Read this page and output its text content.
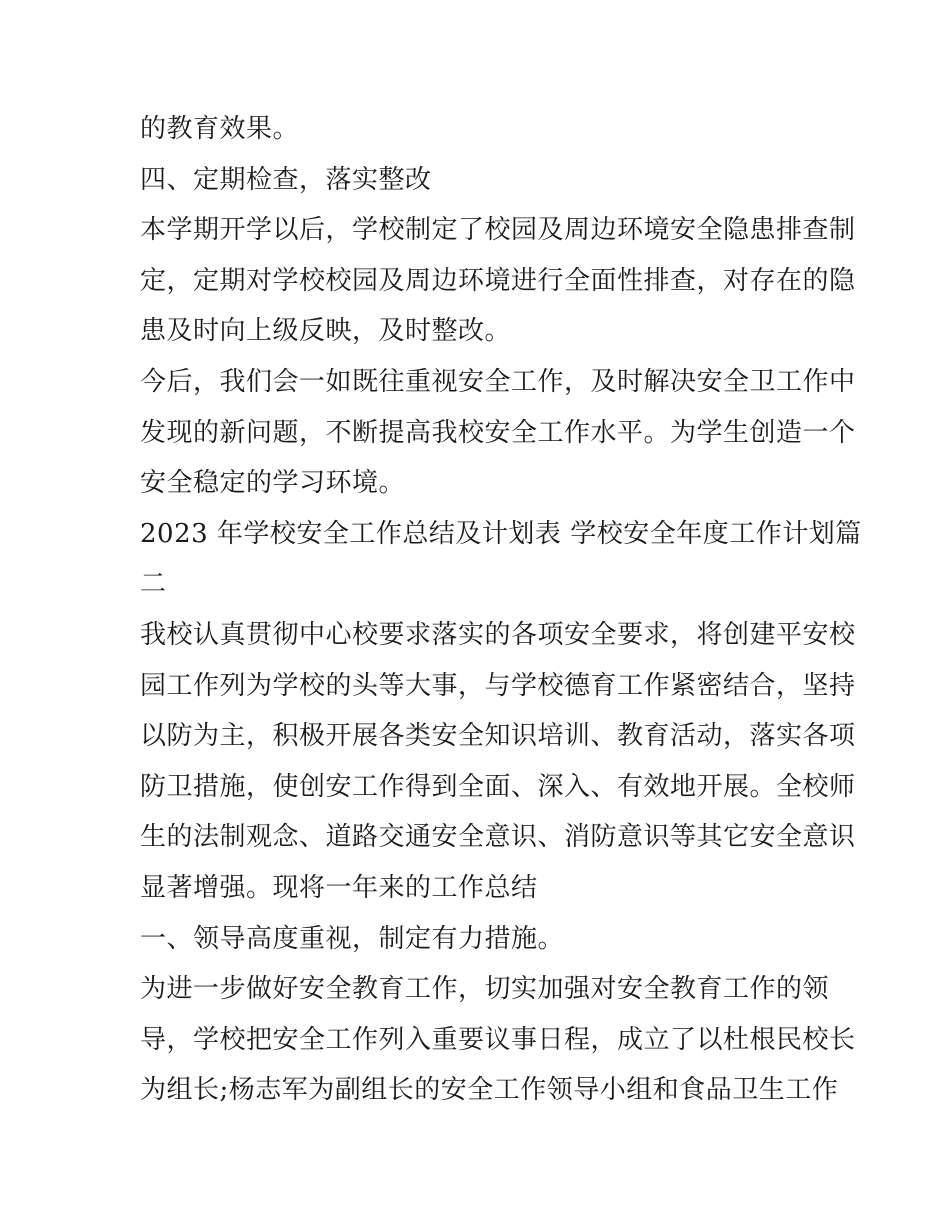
的教育效果。
四、定期检查，落实整改
本学期开学以后，学校制定了校园及周边环境安全隐患排查制
定，定期对学校校园及周边环境进行全面性排查，对存在的隐
患及时向上级反映，及时整改。
今后，我们会一如既往重视安全工作，及时解决安全卫工作中
发现的新问题，不断提高我校安全工作水平。为学生创造一个
安全稳定的学习环境。
2023 年学校安全工作总结及计划表 学校安全年度工作计划篇
二
我校认真贯彻中心校要求落实的各项安全要求，将创建平安校
园工作列为学校的头等大事，与学校德育工作紧密结合，坚持
以防为主，积极开展各类安全知识培训、教育活动，落实各项
防卫措施，使创安工作得到全面、深入、有效地开展。全校师
生的法制观念、道路交通安全意识、消防意识等其它安全意识
显著增强。现将一年来的工作总结
一、领导高度重视，制定有力措施。
为进一步做好安全教育工作，切实加强对安全教育工作的领
导，学校把安全工作列入重要议事日程，成立了以杜根民校长
为组长;杨志军为副组长的安全工作领导小组和食品卫生工作
